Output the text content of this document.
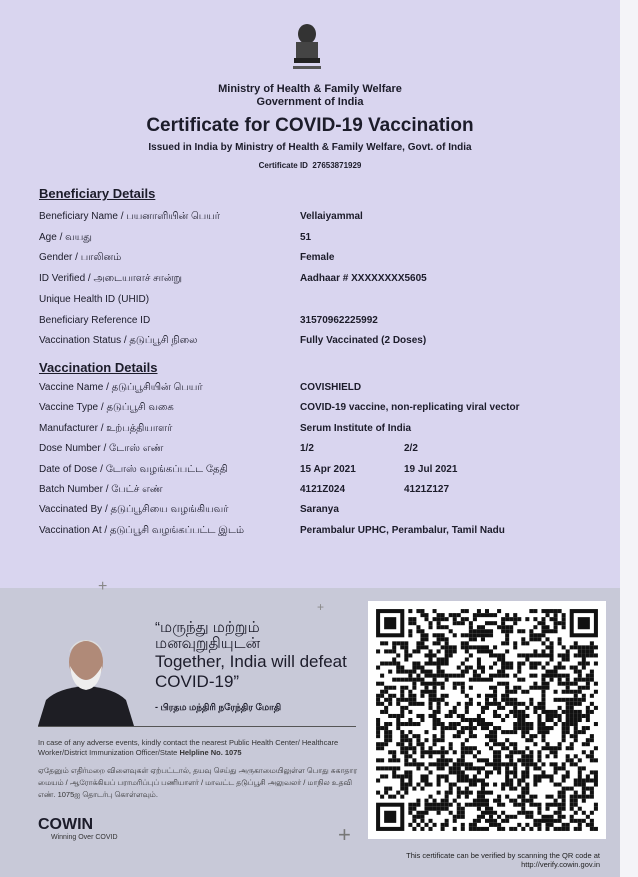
Ministry of Health & Family Welfare
Government of India
Certificate for COVID-19 Vaccination
Issued in India by Ministry of Health & Family Welfare, Govt. of India
Certificate ID 27653871929
Beneficiary Details
Beneficiary Name / பயனாளியின் பெயர்	Vellaiyammal
Age / வயது	51
Gender / பாலினம்	Female
ID Verified / அடையாளச் சான்று	Aadhaar # XXXXXXXX5605
Unique Health ID (UHID)
Beneficiary Reference ID	31570962225992
Vaccination Status / தடுப்பூசி நிலை	Fully Vaccinated (2 Doses)
Vaccination Details
Vaccine Name / தடுப்பூசியின் பெயர்	COVISHIELD
Vaccine Type / தடுப்பூசி வகை	COVID-19 vaccine, non-replicating viral vector
Manufacturer / உற்பத்தியாளர்	Serum Institute of India
Dose Number / டோஸ் எண்	1/2	2/2
Date of Dose / டோஸ் வழங்கப்பட்ட தேதி	15 Apr 2021	19 Jul 2021
Batch Number / பேட்ச் எண்	4121Z024	4121Z127
Vaccinated By / தடுப்பூசியை வழங்கியவர்	Saranya
Vaccination At / தடுப்பூசி வழங்கப்பட்ட இடம்	Perambalur UPHC, Perambalur, Tamil Nadu
+
+
+
“மருந்து மற்றும்
மனவுறுதியுடன்
Together, India will defeat
COVID-19”
- பிரதம மந்திரி நரேந்திர மோதி
In case of any adverse events, kindly contact the nearest Public Health Center/ Healthcare Worker/District Immunization Officer/State Helpline No. 1075
ஏதேனும் எதிர்மறை விளைவுகள் ஏற்பட்டால், தயவு செய்து அருகாமையிலுள்ள பொது சுகாதார மையம் / ஆரோக்கியப் பராமரிப்புப் பணியாளர் / மாவட்ட தடுப்பூசி அலுவலர் / மாநில உதவி எண். 1075ஐ தொடர்பு கொள்ளவும்.
COWIN
Winning Over COVID
This certificate can be verified by scanning the QR code at
http://verify.cowin.gov.in
